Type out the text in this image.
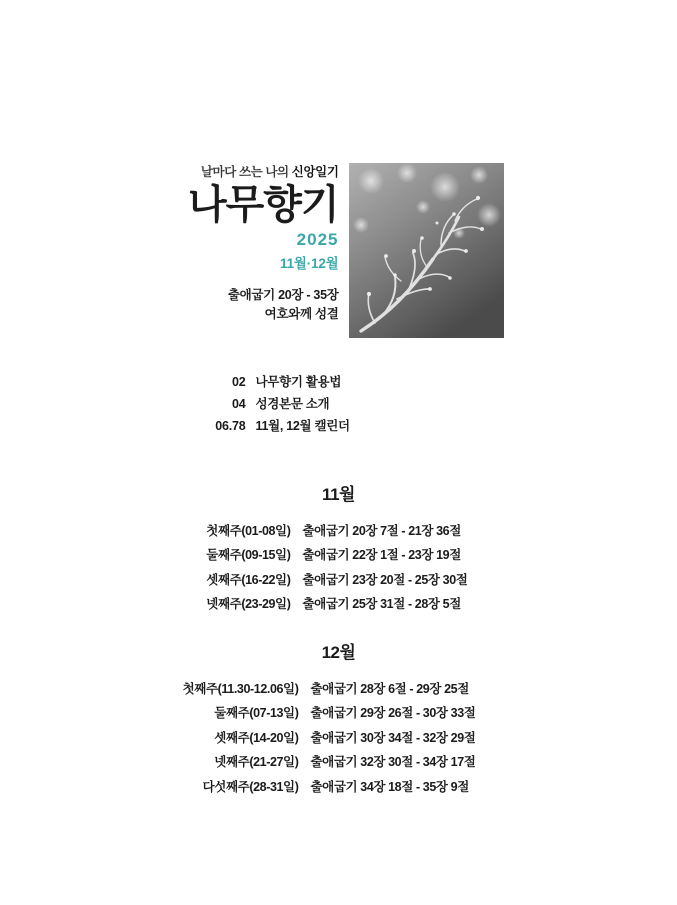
날마다 쓰는 나의 신앙일기
나무향기
2025
11월·12월
출애굽기 20장 - 35장
여호와께 성결
02 나무향기 활용법
04 성경본문 소개
06.78 11월, 12월 캘린더
11월
첫째주(01-08일) 출애굽기 20장 7절 - 21장 36절
둘째주(09-15일) 출애굽기 22장 1절 - 23장 19절
셋째주(16-22일) 출애굽기 23장 20절 - 25장 30절
넷째주(23-29일) 출애굽기 25장 31절 - 28장 5절
12월
첫째주(11.30-12.06일) 출애굽기 28장 6절 - 29장 25절
둘째주(07-13일) 출애굽기 29장 26절 - 30장 33절
셋째주(14-20일) 출애굽기 30장 34절 - 32장 29절
넷째주(21-27일) 출애굽기 32장 30절 - 34장 17절
다섯째주(28-31일) 출애굽기 34장 18절 - 35장 9절
